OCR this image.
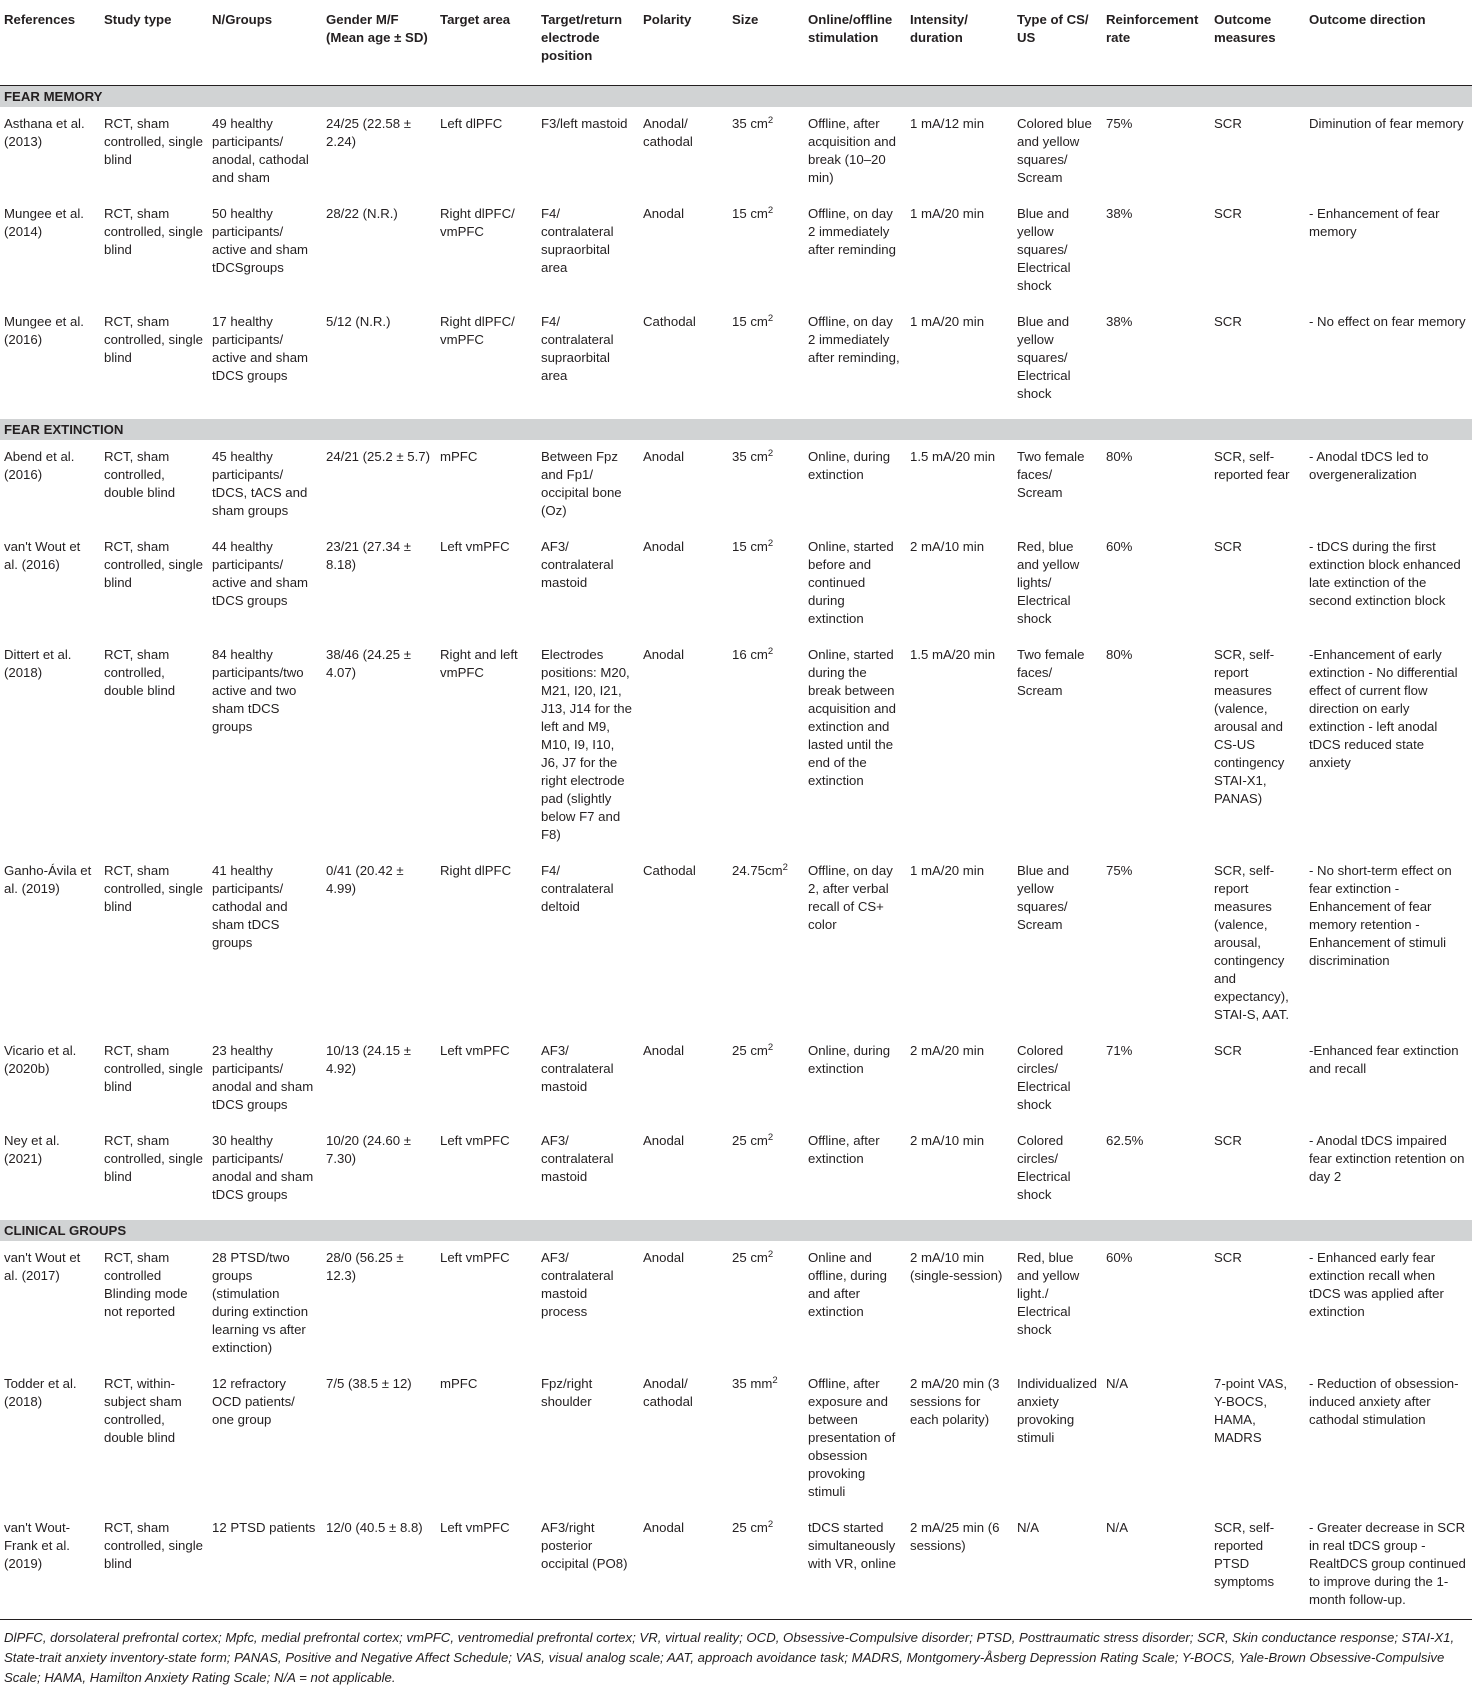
References	Study type	N/Groups	Gender M/F (Mean age ± SD)	Target area	Target/return electrode position	Polarity	Size	Online/offline stimulation	Intensity/ duration	Type of CS/ US	Reinforcement rate	Outcome measures	Outcome direction
FEAR MEMORY													
Asthana et al. (2013)	RCT, sham controlled, single blind	49 healthy participants/ anodal, cathodal and sham	24/25 (22.58 ± 2.24)	Left dlPFC	F3/left mastoid	Anodal/ cathodal	35 $cm^2$	Offline, after acquisition and break (10–20 min)	1 mA/12 min	Colored blue and yellow squares/ Scream	75%	SCR	Diminution of fear memory
Mungee et al. (2014)	RCT, sham controlled, single blind	50 healthy participants/ active and sham tDCSgroups	28/22 (N.R.)	Right dlPFC/ vmPFC	F4/ contralateral supraorbital area	Anodal	15 $cm^2$	Offline, on day 2 immediately after reminding	1 mA/20 min	Blue and yellow squares/ Electrical shock	38%	SCR	- Enhancement of fear memory
Mungee et al. (2016)	RCT, sham controlled, single blind	17 healthy participants/ active and sham tDCS groups	5/12 (N.R.)	Right dlPFC/ vmPFC	F4/ contralateral supraorbital area	Cathodal	15 $cm^2$	Offline, on day 2 immediately after reminding,	1 mA/20 min	Blue and yellow squares/ Electrical shock	38%	SCR	- No effect on fear memory

FEAR EXTINCTION													
Abend et al. (2016)	RCT, sham controlled, double blind	45 healthy participants/ tDCS, tACS and sham groups	24/21 (25.2 ± 5.7)	mPFC	Between Fpz and Fp1/ occipital bone (Oz)	Anodal	35 $cm^2$	Online, during extinction	1.5 mA/20 min	Two female faces/ Scream	80%	SCR, self-reported fear	- Anodal tDCS led to overgeneralization
van't Wout et al. (2016)	RCT, sham controlled, single blind	44 healthy participants/ active and sham tDCS groups	23/21 (27.34 ± 8.18)	Left vmPFC	AF3/ contralateral mastoid	Anodal	15 $cm^2$	Online, started before and continued during extinction	2 mA/10 min	Red, blue and yellow lights/ Electrical shock	60%	SCR	- tDCS during the first extinction block enhanced late extinction of the second extinction block
Dittert et al. (2018)	RCT, sham controlled, double blind	84 healthy participants/two active and two sham tDCS groups	38/46 (24.25 ± 4.07)	Right and left vmPFC	Electrodes positions: M20, M21, I20, I21, J13, J14 for the left and M9, M10, I9, I10, J6, J7 for the right electrode pad (slightly below F7 and F8)	Anodal	16 $cm^2$	Online, started during the break between acquisition and extinction and lasted until the end of the extinction	1.5 mA/20 min	Two female faces/ Scream	80%	SCR, self-report measures (valence, arousal and CS-US contingency STAI-X1, PANAS)	-Enhancement of early extinction - No differential effect of current flow direction on early extinction - left anodal tDCS reduced state anxiety
Ganho-Ávila et al. (2019)	RCT, sham controlled, single blind	41 healthy participants/ cathodal and sham tDCS groups	0/41 (20.42 ± 4.99)	Right dlPFC	F4/ contralateral deltoid	Cathodal	$24.75cm^2$	Offline, on day 2, after verbal recall of CS+ color	1 mA/20 min	Blue and yellow squares/ Scream	75%	SCR, self-report measures (valence, arousal, contingency and expectancy), STAI-S, AAT.	- No short-term effect on fear extinction - Enhancement of fear memory retention - Enhancement of stimuli discrimination
Vicario et al. (2020b)	RCT, sham controlled, single blind	23 healthy participants/ anodal and sham tDCS groups	10/13 (24.15 ± 4.92)	Left vmPFC	AF3/ contralateral mastoid	Anodal	25 $cm^2$	Online, during extinction	2 mA/20 min	Colored circles/ Electrical shock	71%	SCR	-Enhanced fear extinction and recall
Ney et al. (2021)	RCT, sham controlled, single blind	30 healthy participants/ anodal and sham tDCS groups	10/20 (24.60 ± 7.30)	Left vmPFC	AF3/ contralateral mastoid	Anodal	25 $cm^2$	Offline, after extinction	2 mA/10 min	Colored circles/ Electrical shock	62.5%	SCR	- Anodal tDCS impaired fear extinction retention on day 2

CLINICAL GROUPS													
van't Wout et al. (2017)	RCT, sham controlled Blinding mode not reported	28 PTSD/two groups (stimulation during extinction learning vs after extinction)	28/0 (56.25 ± 12.3)	Left vmPFC	AF3/ contralateral mastoid process	Anodal	25 $cm^2$	Online and offline, during and after extinction	2 mA/10 min (single-session)	Red, blue and yellow light./ Electrical shock	60%	SCR	- Enhanced early fear extinction recall when tDCS was applied after extinction
Todder et al. (2018)	RCT, within-subject sham controlled, double blind	12 refractory OCD patients/ one group	7/5 (38.5 ± 12)	mPFC	Fpz/right shoulder	Anodal/ cathodal	35 $mm^2$	Offline, after exposure and between presentation of obsession provoking stimuli	2 mA/20 min (3 sessions for each polarity)	Individualized anxiety provoking stimuli	N/A	7-point VAS, Y-BOCS, HAMA, MADRS	- Reduction of obsession-induced anxiety after cathodal stimulation
van't Wout-Frank et al. (2019)	RCT, sham controlled, single blind	12 PTSD patients	12/0 (40.5 ± 8.8)	Left vmPFC	AF3/right posterior occipital (PO8)	Anodal	25 $cm^2$	tDCS started simultaneously with VR, online	2 mA/25 min (6 sessions)	N/A	N/A	SCR, self-reported PTSD symptoms	- Greater decrease in SCR in real tDCS group - RealtDCS group continued to improve during the 1-month follow-up.
DlPFC, dorsolateral prefrontal cortex; Mpfc, medial prefrontal cortex; vmPFC, ventromedial prefrontal cortex; VR, virtual reality; OCD, Obsessive-Compulsive disorder; PTSD, Posttraumatic stress disorder; SCR, Skin conductance response; STAI-X1, State-trait anxiety inventory-state form; PANAS, Positive and Negative Affect Schedule; VAS, visual analog scale; AAT, approach avoidance task; MADRS, Montgomery-Åsberg Depression Rating Scale; Y-BOCS, Yale-Brown Obsessive-Compulsive Scale; HAMA, Hamilton Anxiety Rating Scale; N/A = not applicable.
